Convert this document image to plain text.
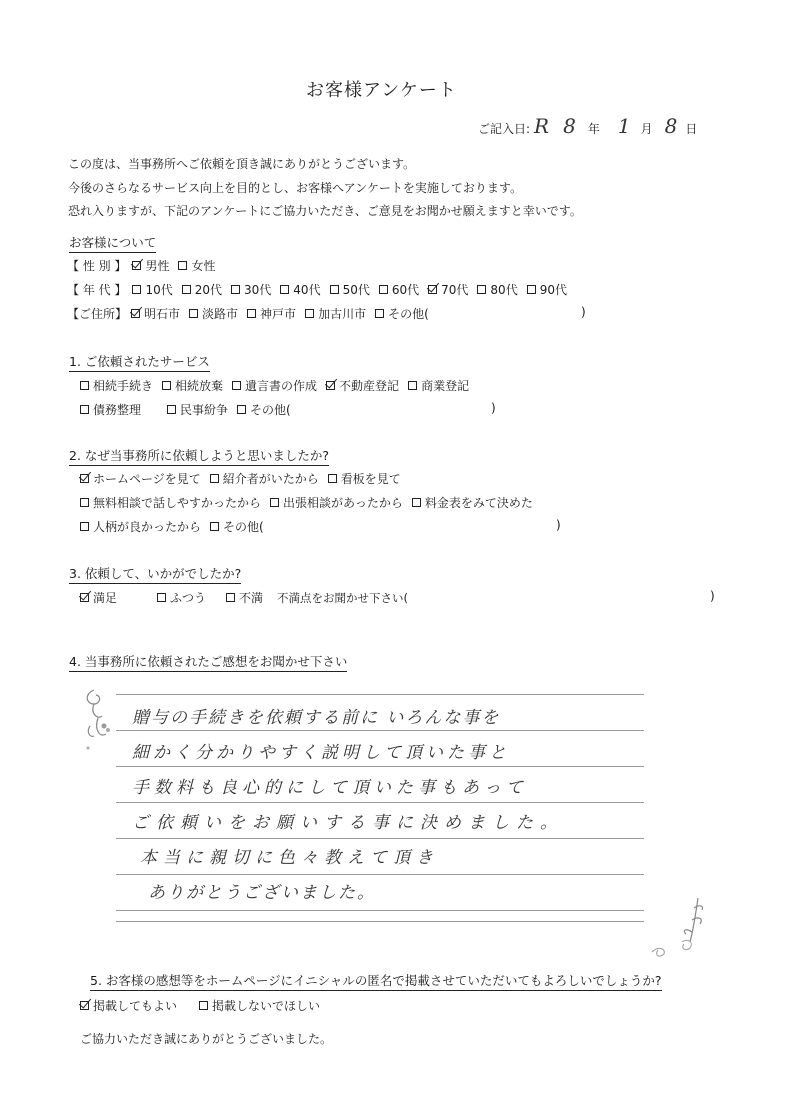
お客様アンケート
ご記入日: R 8 年 1 月 8 日
この度は、当事務所へご依頼を頂き誠にありがとうございます。
今後のさらなるサービス向上を目的とし、お客様へアンケートを実施しております。
恐れ入りますが、下記のアンケートにご協力いただき、ご意見をお聞かせ願えますと幸いです。
お客様について
【 性 別 】 男性 女性
【 年 代 】 10代 20代 30代 40代 50代 60代 70代 80代 90代
【ご住所】 明石市 淡路市 神戸市 加古川市 その他(	)
1. ご依頼されたサービス
相続手続き 相続放棄 遺言書の作成 不動産登記 商業登記
債務整理	民事紛争 その他(	)
2. なぜ当事務所に依頼しようと思いましたか?
ホームページを見て 紹介者がいたから 看板を見て
無料相談で話しやすかったから 出張相談があったから 料金表をみて決めた
人柄が良かったから その他(	)
3. 依頼して、いかがでしたか?
満足	ふつう	不満 不満点をお聞かせ下さい(	)
4. 当事務所に依頼されたご感想をお聞かせ下さい
贈与の手続きを依頼する前に いろんな事を
細かく分かりやすく説明して頂いた事と
手数料も良心的にして頂いた事もあって
ご依頼いをお願いする事に決めました。
本当に親切に色々教えて頂き
ありがとうございました。
5. お客様の感想等をホームページにイニシャルの匿名で掲載させていただいてもよろしいでしょうか?
掲載してもよい	掲載しないでほしい
ご協力いただき誠にありがとうございました。
